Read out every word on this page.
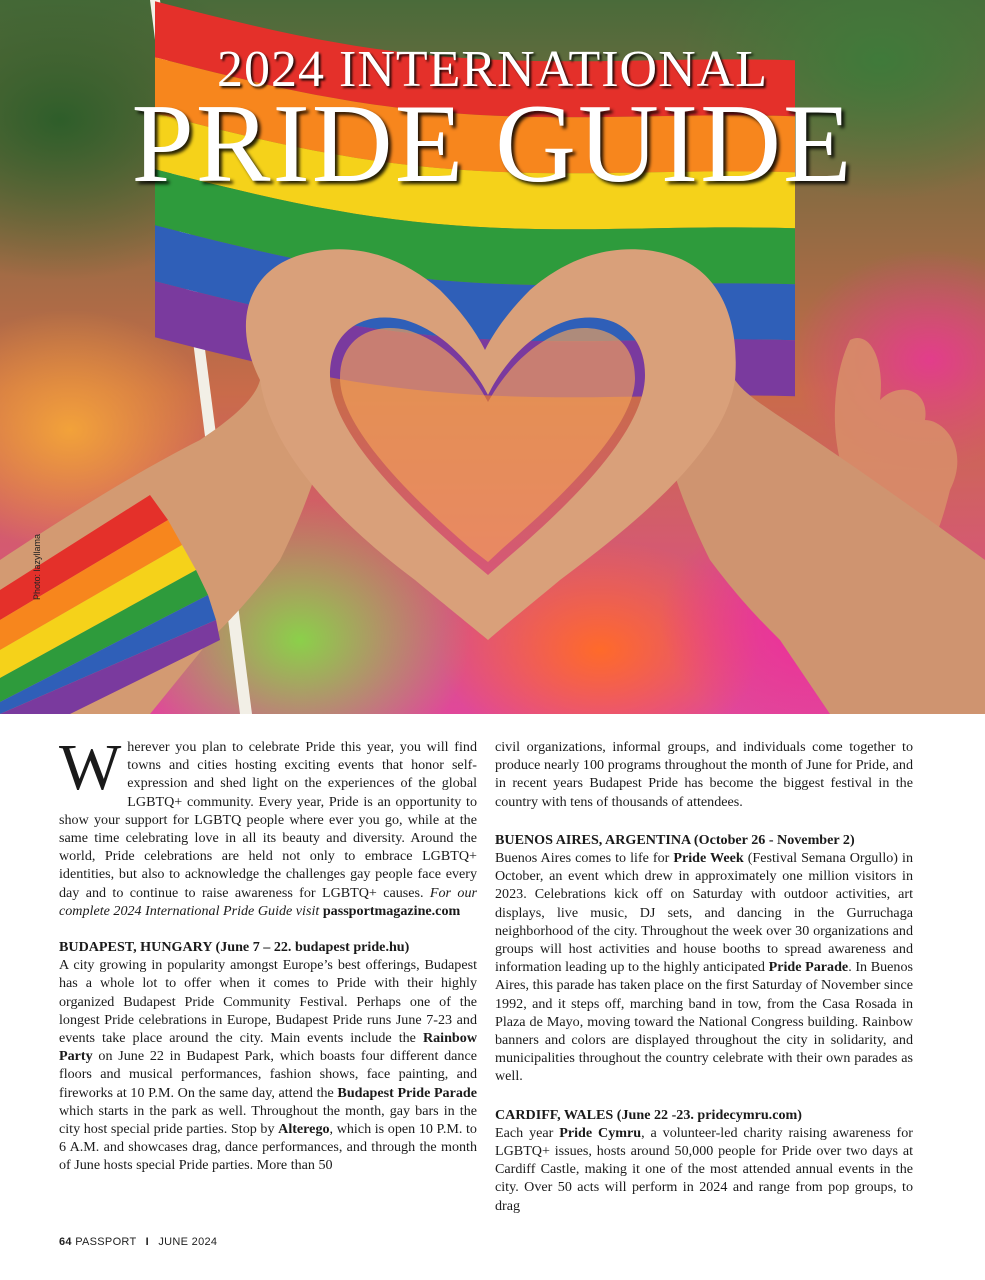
2024 INTERNATIONAL
PRIDE GUIDE
Photo: lazyllama

Wherever you plan to celebrate Pride this year, you will find towns and cities hosting exciting events that honor self-expression and shed light on the experiences of the global LGBTQ+ community. Every year, Pride is an opportunity to show your support for LGBTQ people where ever you go, while at the same time celebrating love in all its beauty and diversity. Around the world, Pride celebrations are held not only to embrace LGBTQ+ identities, but also to acknowledge the challenges gay people face every day and to continue to raise awareness for LGBTQ+ causes. For our complete 2024 International Pride Guide visit passportmagazine.com

BUDAPEST, HUNGARY (June 7 – 22. budapest pride.hu)

A city growing in popularity amongst Europe’s best offerings, Budapest has a whole lot to offer when it comes to Pride with their highly organized Budapest Pride Community Festival. Perhaps one of the longest Pride celebrations in Europe, Budapest Pride runs June 7-23 and events take place around the city. Main events include the Rainbow Party on June 22 in Budapest Park, which boasts four different dance floors and musical performances, fashion shows, face painting, and fireworks at 10 P.M. On the same day, attend the Budapest Pride Parade which starts in the park as well. Throughout the month, gay bars in the city host special pride parties. Stop by Alterego, which is open 10 P.M. to 6 A.M. and showcases drag, dance performances, and through the month of June hosts special Pride parties. More than 50

civil organizations, informal groups, and individuals come together to produce nearly 100 programs throughout the month of June for Pride, and in recent years Budapest Pride has become the biggest festival in the country with tens of thousands of attendees.

BUENOS AIRES, ARGENTINA (October 26 - November 2)

Buenos Aires comes to life for Pride Week (Festival Semana Orgullo) in October, an event which drew in approximately one million visitors in 2023. Celebrations kick off on Saturday with outdoor activities, art displays, live music, DJ sets, and dancing in the Gurruchaga neighborhood of the city. Throughout the week over 30 organizations and groups will host activities and house booths to spread awareness and information leading up to the highly anticipated Pride Parade. In Buenos Aires, this parade has taken place on the first Saturday of November since 1992, and it steps off, marching band in tow, from the Casa Rosada in Plaza de Mayo, moving toward the National Congress building. Rainbow banners and colors are displayed throughout the city in solidarity, and municipalities throughout the country celebrate with their own parades as well.

CARDIFF, WALES (June 22 -23. pridecymru.com)

Each year Pride Cymru, a volunteer-led charity raising awareness for LGBTQ+ issues, hosts around 50,000 people for Pride over two days at Cardiff Castle, making it one of the most attended annual events in the city. Over 50 acts will perform in 2024 and range from pop groups, to drag

64 PASSPORT I JUNE 2024
